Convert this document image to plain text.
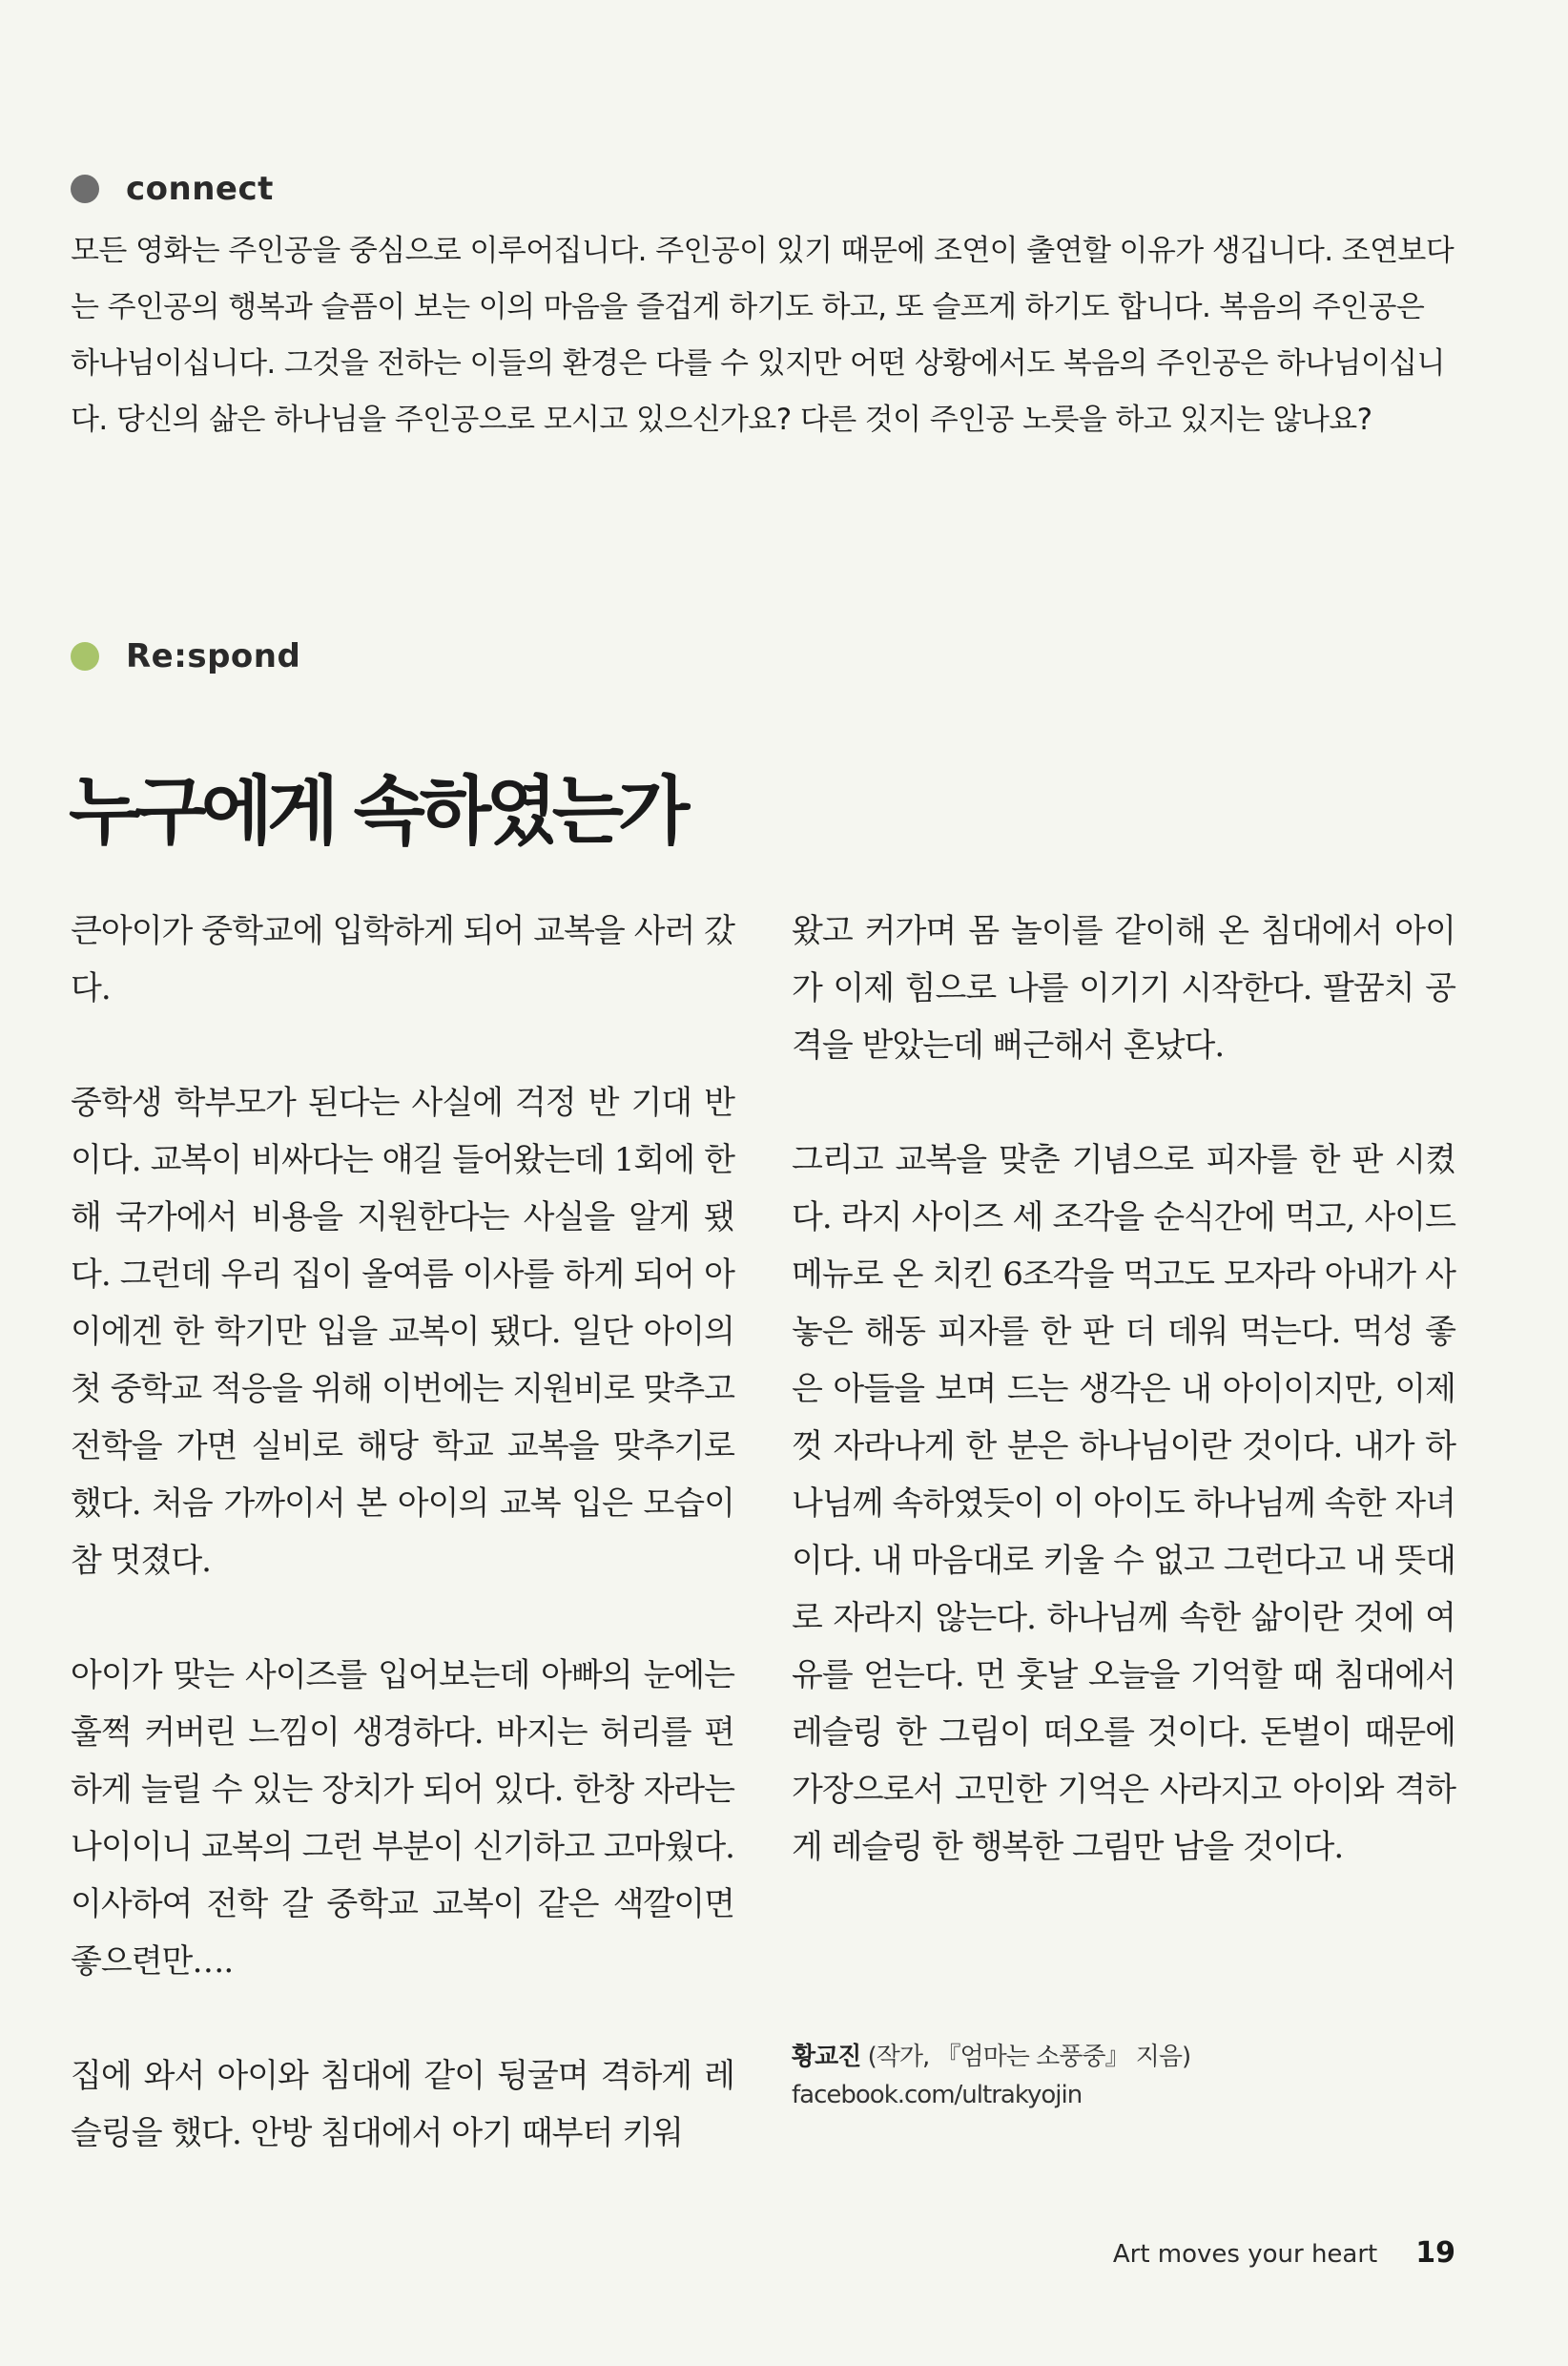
connect

모든 영화는 주인공을 중심으로 이루어집니다. 주인공이 있기 때문에 조연이 출연할 이유가 생깁니다. 조연보다는 주인공의 행복과 슬픔이 보는 이의 마음을 즐겁게 하기도 하고, 또 슬프게 하기도 합니다. 복음의 주인공은 하나님이십니다. 그것을 전하는 이들의 환경은 다를 수 있지만 어떤 상황에서도 복음의 주인공은 하나님이십니다. 당신의 삶은 하나님을 주인공으로 모시고 있으신가요? 다른 것이 주인공 노릇을 하고 있지는 않나요?

Re:spond
누구에게 속하였는가

큰아이가 중학교에 입학하게 되어 교복을 사러 갔다.

중학생 학부모가 된다는 사실에 걱정 반 기대 반이다. 교복이 비싸다는 얘길 들어왔는데 1회에 한해 국가에서 비용을 지원한다는 사실을 알게 됐다. 그런데 우리 집이 올여름 이사를 하게 되어 아이에겐 한 학기만 입을 교복이 됐다. 일단 아이의 첫 중학교 적응을 위해 이번에는 지원비로 맞추고 전학을 가면 실비로 해당 학교 교복을 맞추기로 했다. 처음 가까이서 본 아이의 교복 입은 모습이 참 멋졌다.

아이가 맞는 사이즈를 입어보는데 아빠의 눈에는 훌쩍 커버린 느낌이 생경하다. 바지는 허리를 편하게 늘릴 수 있는 장치가 되어 있다. 한창 자라는 나이이니 교복의 그런 부분이 신기하고 고마웠다. 이사하여 전학 갈 중학교 교복이 같은 색깔이면 좋으련만….

집에 와서 아이와 침대에 같이 뒹굴며 격하게 레슬링을 했다. 안방 침대에서 아기 때부터 키워

왔고 커가며 몸 놀이를 같이해 온 침대에서 아이가 이제 힘으로 나를 이기기 시작한다. 팔꿈치 공격을 받았는데 뻐근해서 혼났다.

그리고 교복을 맞춘 기념으로 피자를 한 판 시켰다. 라지 사이즈 세 조각을 순식간에 먹고, 사이드 메뉴로 온 치킨 6조각을 먹고도 모자라 아내가 사놓은 해동 피자를 한 판 더 데워 먹는다. 먹성 좋은 아들을 보며 드는 생각은 내 아이이지만, 이제껏 자라나게 한 분은 하나님이란 것이다. 내가 하나님께 속하였듯이 이 아이도 하나님께 속한 자녀이다. 내 마음대로 키울 수 없고 그런다고 내 뜻대로 자라지 않는다. 하나님께 속한 삶이란 것에 여유를 얻는다. 먼 훗날 오늘을 기억할 때 침대에서 레슬링 한 그림이 떠오를 것이다. 돈벌이 때문에 가장으로서 고민한 기억은 사라지고 아이와 격하게 레슬링 한 행복한 그림만 남을 것이다.

황교진 (작가, 『엄마는 소풍중』 지음)
facebook.com/ultrakyojin
Art moves your heart 19
